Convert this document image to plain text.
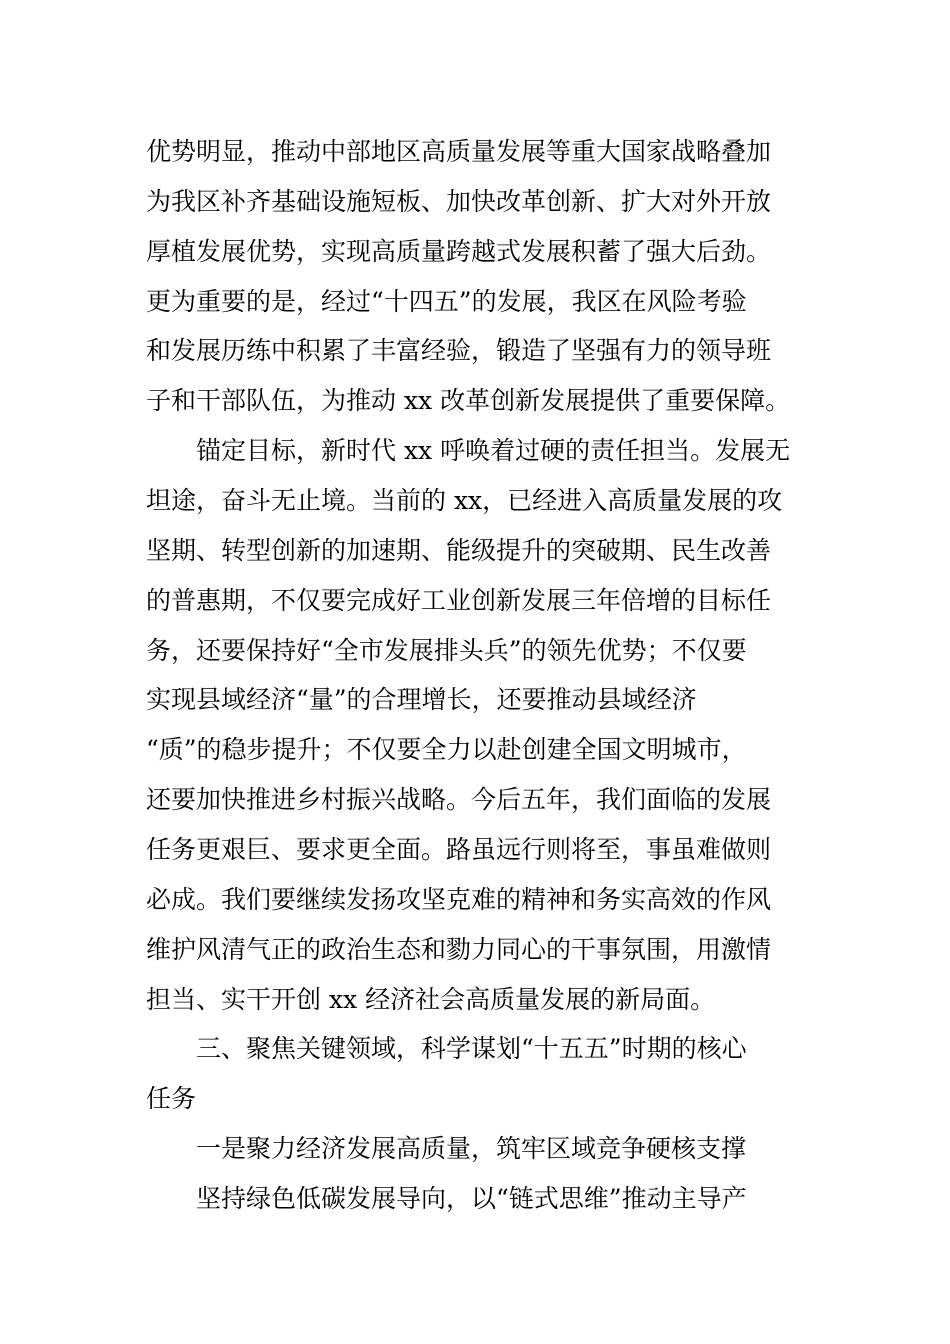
优势明显，推动中部地区高质量发展等重大国家战略叠加
为我区补齐基础设施短板、加快改革创新、扩大对外开放
厚植发展优势，实现高质量跨越式发展积蓄了强大后劲。
更为重要的是，经过“十四五”的发展，我区在风险考验
和发展历练中积累了丰富经验，锻造了坚强有力的领导班
子和干部队伍，为推动 xx 改革创新发展提供了重要保障。
锚定目标，新时代 xx 呼唤着过硬的责任担当。发展无
坦途，奋斗无止境。当前的 xx，已经进入高质量发展的攻
坚期、转型创新的加速期、能级提升的突破期、民生改善
的普惠期，不仅要完成好工业创新发展三年倍增的目标任
务，还要保持好“全市发展排头兵”的领先优势；不仅要
实现县域经济“量”的合理增长，还要推动县域经济
“质”的稳步提升；不仅要全力以赴创建全国文明城市，
还要加快推进乡村振兴战略。今后五年，我们面临的发展
任务更艰巨、要求更全面。路虽远行则将至，事虽难做则
必成。我们要继续发扬攻坚克难的精神和务实高效的作风
维护风清气正的政治生态和勠力同心的干事氛围，用激情
担当、实干开创 xx 经济社会高质量发展的新局面。
三、聚焦关键领域，科学谋划“十五五”时期的核心
任务
一是聚力经济发展高质量，筑牢区域竞争硬核支撑
坚持绿色低碳发展导向，以“链式思维”推动主导产
